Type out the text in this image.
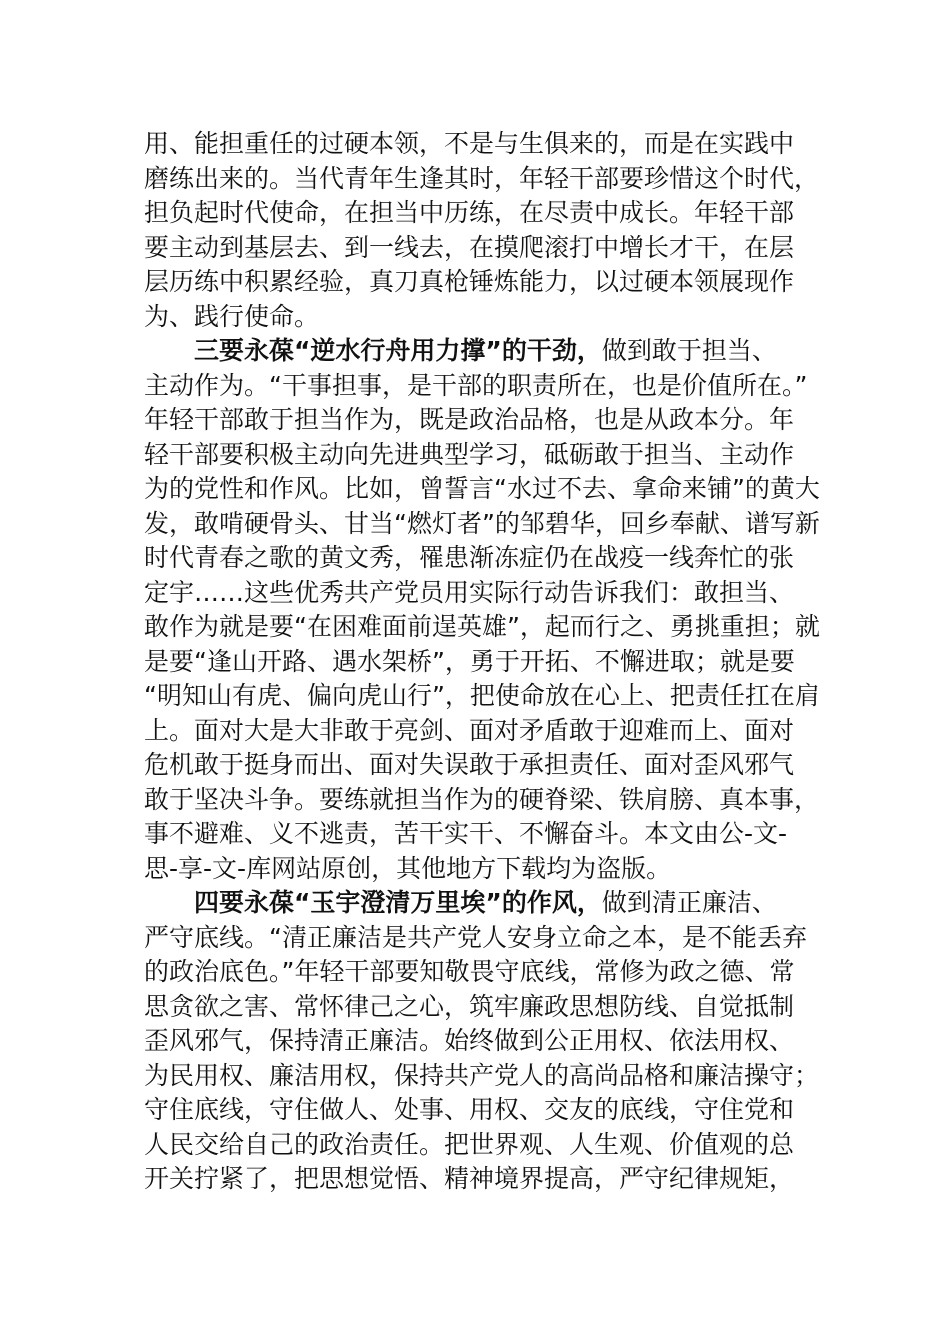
用、能担重任的过硬本领，不是与生俱来的，而是在实践中
磨练出来的。当代青年生逢其时，年轻干部要珍惜这个时代，
担负起时代使命，在担当中历练，在尽责中成长。年轻干部
要主动到基层去、到一线去，在摸爬滚打中增长才干，在层
层历练中积累经验，真刀真枪锤炼能力，以过硬本领展现作
为、践行使命。
三要永葆“逆水行舟用力撑”的干劲，做到敢于担当、
主动作为。“干事担事，是干部的职责所在，也是价值所在。”
年轻干部敢于担当作为，既是政治品格，也是从政本分。年
轻干部要积极主动向先进典型学习，砥砺敢于担当、主动作
为的党性和作风。比如，曾誓言“水过不去、拿命来铺”的黄大
发，敢啃硬骨头、甘当“燃灯者”的邹碧华，回乡奉献、谱写新
时代青春之歌的黄文秀，罹患渐冻症仍在战疫一线奔忙的张
定宇……这些优秀共产党员用实际行动告诉我们：敢担当、
敢作为就是要“在困难面前逞英雄”，起而行之、勇挑重担；就
是要“逢山开路、遇水架桥”，勇于开拓、不懈进取；就是要
“明知山有虎、偏向虎山行”，把使命放在心上、把责任扛在肩
上。面对大是大非敢于亮剑、面对矛盾敢于迎难而上、面对
危机敢于挺身而出、面对失误敢于承担责任、面对歪风邪气
敢于坚决斗争。要练就担当作为的硬脊梁、铁肩膀、真本事，
事不避难、义不逃责，苦干实干、不懈奋斗。本文由公-文-
思-享-文-库网站原创，其他地方下载均为盗版。
四要永葆“玉宇澄清万里埃”的作风，做到清正廉洁、
严守底线。“清正廉洁是共产党人安身立命之本，是不能丢弃
的政治底色。”年轻干部要知敬畏守底线，常修为政之德、常
思贪欲之害、常怀律己之心，筑牢廉政思想防线、自觉抵制
歪风邪气，保持清正廉洁。始终做到公正用权、依法用权、
为民用权、廉洁用权，保持共产党人的高尚品格和廉洁操守；
守住底线，守住做人、处事、用权、交友的底线，守住党和
人民交给自己的政治责任。把世界观、人生观、价值观的总
开关拧紧了，把思想觉悟、精神境界提高，严守纪律规矩，
